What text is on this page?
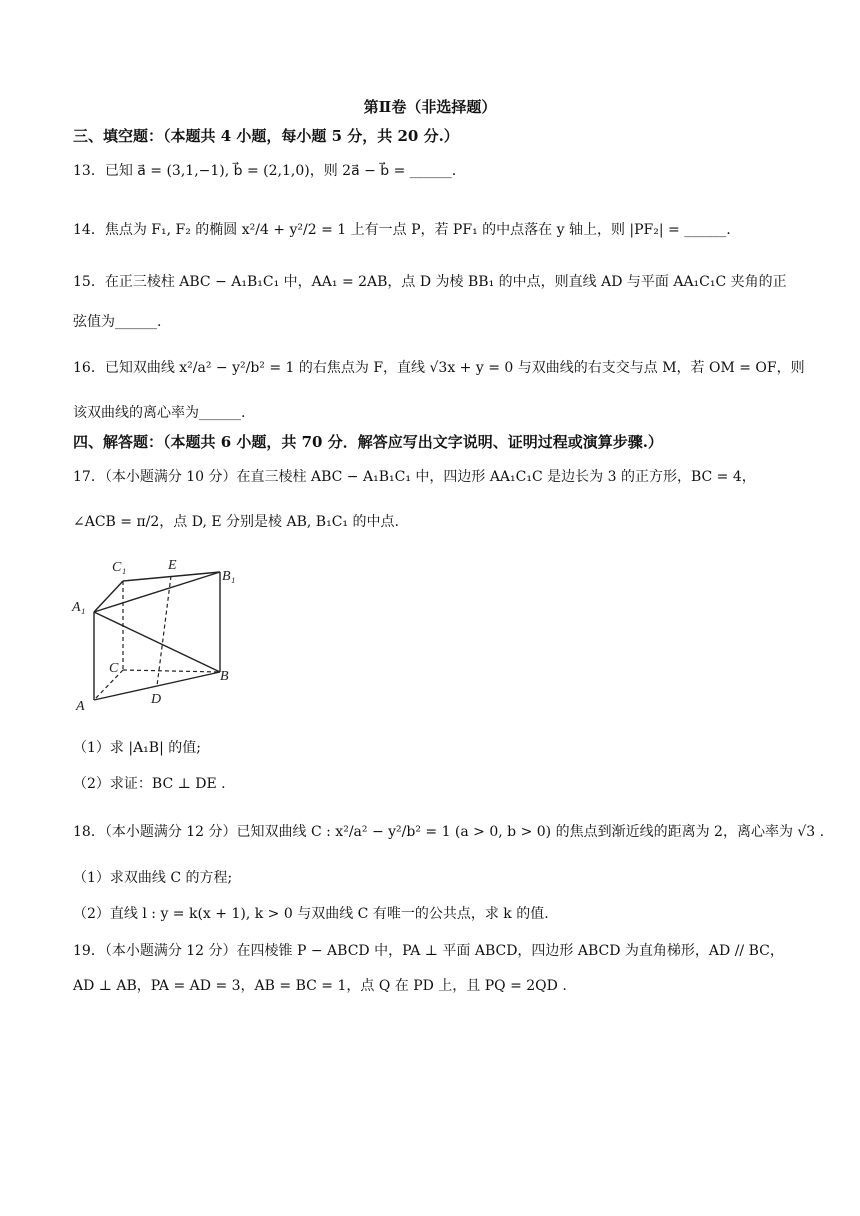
第Ⅱ卷（非选择题）
三、填空题：（本题共 4 小题，每小题 5 分，共 20 分.）
13．已知 a⃗ = (3,1,−1), b⃗ = (2,1,0)，则 2a⃗ − b⃗ = ______.
14．焦点为 F₁, F₂ 的椭圆 x²/4 + y²/2 = 1 上有一点 P，若 PF₁ 的中点落在 y 轴上，则 |PF₂| = ______.
15．在正三棱柱 ABC − A₁B₁C₁ 中，AA₁ = 2AB，点 D 为棱 BB₁ 的中点，则直线 AD 与平面 AA₁C₁C 夹角的正
弦值为______.
16．已知双曲线 x²/a² − y²/b² = 1 的右焦点为 F，直线 √3x + y = 0 与双曲线的右支交与点 M，若 OM = OF，则
该双曲线的离心率为______.
四、解答题：（本题共 6 小题，共 70 分．解答应写出文字说明、证明过程或演算步骤.）
17．（本小题满分 10 分）在直三棱柱 ABC − A₁B₁C₁ 中，四边形 AA₁C₁C 是边长为 3 的正方形，BC = 4，
∠ACB = π/2，点 D, E 分别是棱 AB, B₁C₁ 的中点.
C₁	E
B₁
A₁
C
B
A	D
（1）求 |A₁B| 的值;
（2）求证：BC ⊥ DE .
18．（本小题满分 12 分）已知双曲线 C : x²/a² − y²/b² = 1 (a > 0, b > 0) 的焦点到渐近线的距离为 2，离心率为 √3 .
（1）求双曲线 C 的方程;
（2）直线 l : y = k(x + 1), k > 0 与双曲线 C 有唯一的公共点，求 k 的值.
19．（本小题满分 12 分）在四棱锥 P − ABCD 中，PA ⊥ 平面 ABCD，四边形 ABCD 为直角梯形，AD // BC，
AD ⊥ AB，PA = AD = 3，AB = BC = 1，点 Q 在 PD 上，且 PQ = 2QD .
